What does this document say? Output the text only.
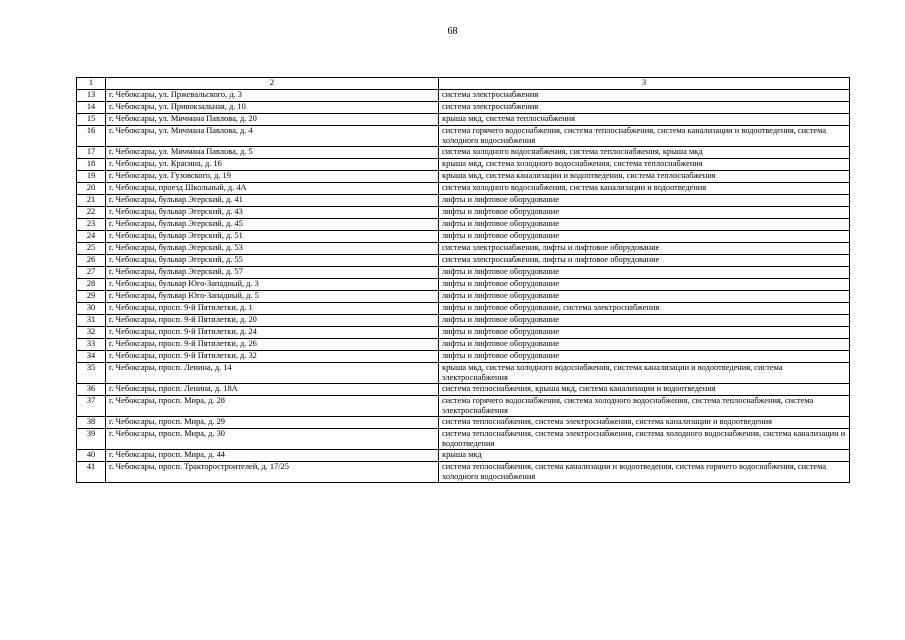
68
1	2	3
13	г. Чебоксары, ул. Пржевальского, д. 3	система электроснабжения
14	г. Чебоксары, ул. Привокзальная, д. 10	система электроснабжения
15	г. Чебоксары, ул. Мичмана Павлова, д. 20	крыша мкд, система теплоснабжения
16	г. Чебоксары, ул. Мичмана Павлова, д. 4	система горячего водоснабжения, система теплоснабжения, система канализации и водоотведения, система холодного водоснабжения
17	г. Чебоксары, ул. Мичмана Павлова, д. 5	система холодного водоснабжения, система теплоснабжения, крыша мкд
18	г. Чебоксары, ул. Красина, д. 16	крыша мкд, система холодного водоснабжения, система теплоснабжения
19	г. Чебоксары, ул. Гузовского, д. 19	крыша мкд, система канализации и водоотведения, система теплоснабжения
20	г. Чебоксары, проезд Школьный, д. 4А	система холодного водоснабжения, система канализации и водоотведения
21	г. Чебоксары, бульвар Эгерский, д. 41	лифты и лифтовое оборудование
22	г. Чебоксары, бульвар Эгерский, д. 43	лифты и лифтовое оборудование
23	г. Чебоксары, бульвар Эгерский, д. 45	лифты и лифтовое оборудование
24	г. Чебоксары, бульвар Эгерский, д. 51	лифты и лифтовое оборудование
25	г. Чебоксары, бульвар Эгерский, д. 53	система электроснабжения, лифты и лифтовое оборудование
26	г. Чебоксары, бульвар Эгерский, д. 55	система электроснабжения, лифты и лифтовое оборудование
27	г. Чебоксары, бульвар Эгерский, д. 57	лифты и лифтовое оборудование
28	г. Чебоксары, бульвар Юго-Западный, д. 3	лифты и лифтовое оборудование
29	г. Чебоксары, бульвар Юго-Западный, д. 5	лифты и лифтовое оборудование
30	г. Чебоксары, просп. 9-й Пятилетки, д. 1	лифты и лифтовое оборудование, система электроснабжения
31	г. Чебоксары, просп. 9-й Пятилетки, д. 20	лифты и лифтовое оборудование
32	г. Чебоксары, просп. 9-й Пятилетки, д. 24	лифты и лифтовое оборудование
33	г. Чебоксары, просп. 9-й Пятилетки, д. 26	лифты и лифтовое оборудование
34	г. Чебоксары, просп. 9-й Пятилетки, д. 32	лифты и лифтовое оборудование
35	г. Чебоксары, просп. Ленина, д. 14	крыша мкд, система холодного водоснабжения, система канализации и водоотведения, система электроснабжения
36	г. Чебоксары, просп. Ленина, д. 18А	система теплоснабжения, крыша мкд, система канализации и водоотведения
37	г. Чебоксары, просп. Мира, д. 28	система горячего водоснабжения, система холодного водоснабжения, система теплоснабжения, система электроснабжения
38	г. Чебоксары, просп. Мира, д. 29	система теплоснабжения, система электроснабжения, система канализации и водоотведения
39	г. Чебоксары, просп. Мира, д. 30	система теплоснабжения, система электроснабжения, система холодного водоснабжения, система канализации и водоотведения
40	г. Чебоксары, просп. Мира, д. 44	крыша мкд
41	г. Чебоксары, просп. Тракторостроителей, д. 17/25	система теплоснабжения, система канализации и водоотведения, система горячего водоснабжения, система холодного водоснабжения
